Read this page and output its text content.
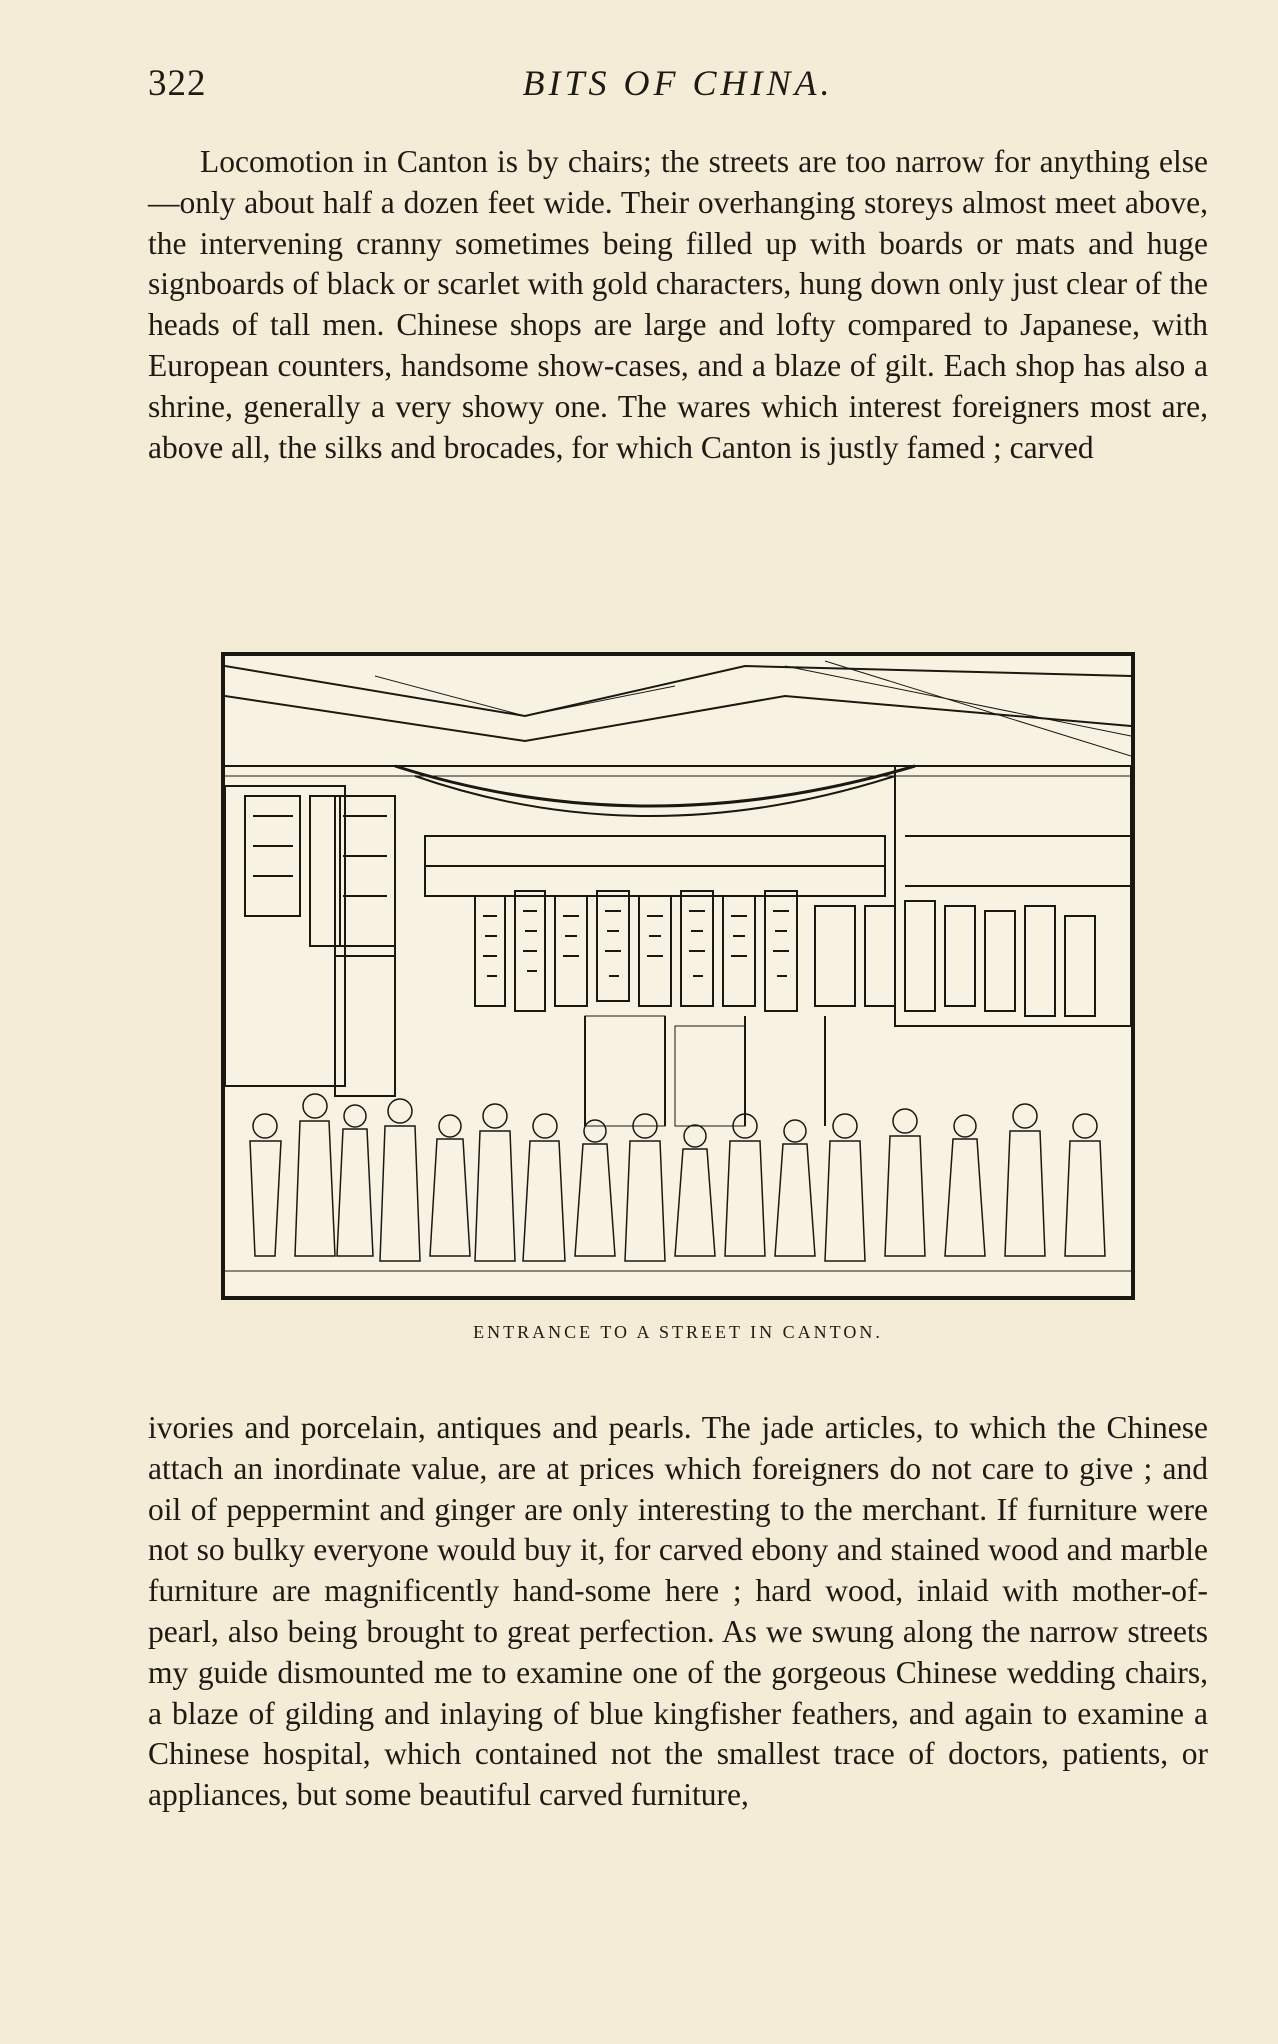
322	BITS OF CHINA.

Locomotion in Canton is by chairs; the streets are too narrow for anything else—only about half a dozen feet wide. Their overhanging storeys almost meet above, the intervening cranny sometimes being filled up with boards or mats and huge signboards of black or scarlet with gold characters, hung down only just clear of the heads of tall men. Chinese shops are large and lofty compared to Japanese, with European counters, handsome show-cases, and a blaze of gilt. Each shop has also a shrine, generally a very showy one. The wares which interest foreigners most are, above all, the silks and brocades, for which Canton is justly famed ; carved

ENTRANCE TO A STREET IN CANTON.

ivories and porcelain, antiques and pearls. The jade articles, to which the Chinese attach an inordinate value, are at prices which foreigners do not care to give ; and oil of peppermint and ginger are only interesting to the merchant. If furniture were not so bulky everyone would buy it, for carved ebony and stained wood and marble furniture are magnificently hand-some here ; hard wood, inlaid with mother-of-pearl, also being brought to great perfection. As we swung along the narrow streets my guide dismounted me to examine one of the gorgeous Chinese wedding chairs, a blaze of gilding and inlaying of blue kingfisher feathers, and again to examine a Chinese hospital, which contained not the smallest trace of doctors, patients, or appliances, but some beautiful carved furniture,
